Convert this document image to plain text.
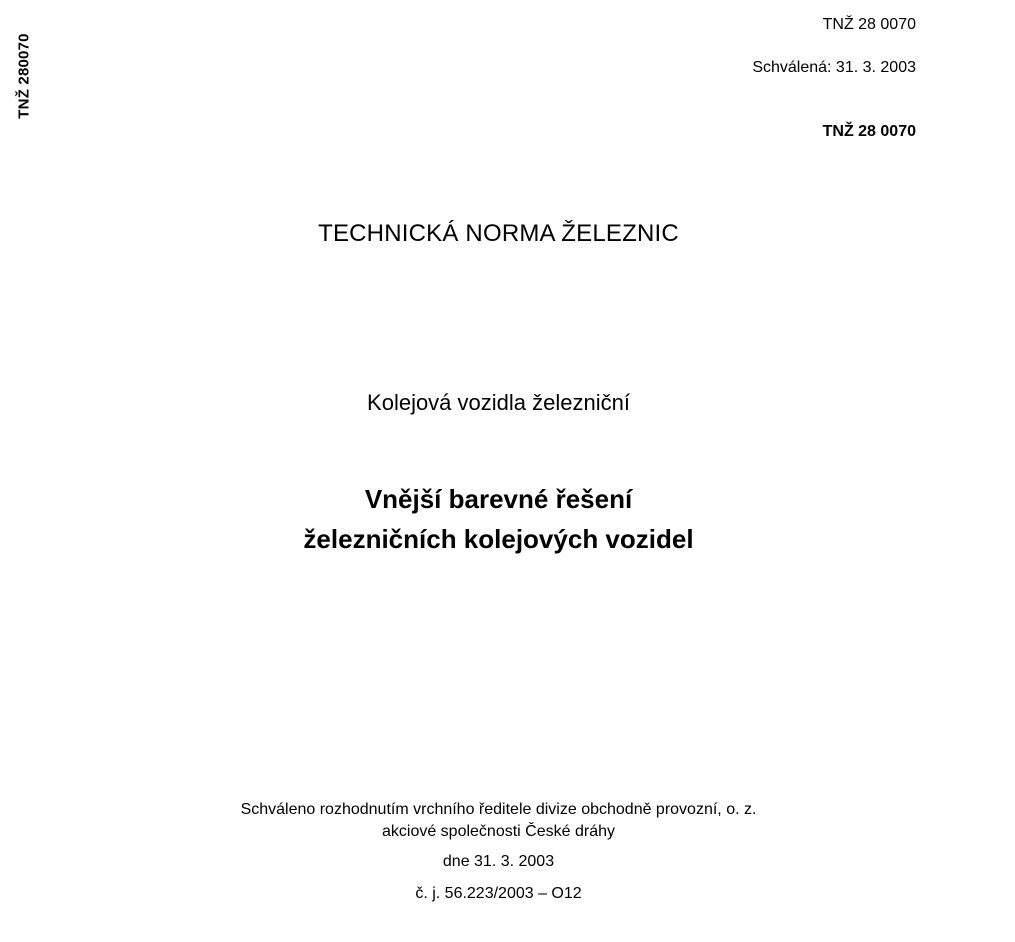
TNŽ 280070
TNŽ 28 0070
Schválená: 31. 3. 2003
TNŽ 28 0070
TECHNICKÁ NORMA ŽELEZNIC
Kolejová vozidla železniční
Vnější barevné řešení
železničních kolejových vozidel
Schváleno rozhodnutím vrchního ředitele divize obchodně provozní, o. z.
akciové společnosti České dráhy
dne 31. 3. 2003
č. j. 56.223/2003 – O12
